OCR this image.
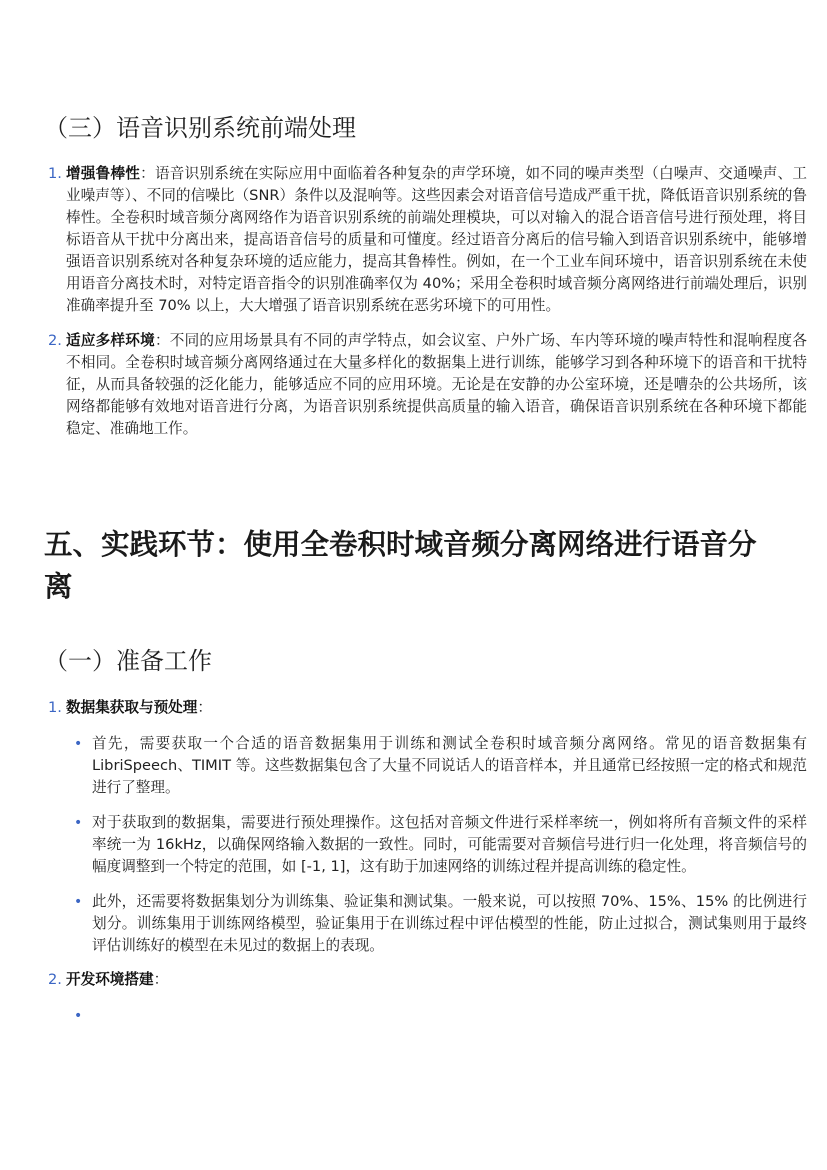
（三）语音识别系统前端处理
1. 增强鲁棒性：语音识别系统在实际应用中面临着各种复杂的声学环境，如不同的噪声类型（白噪声、交通噪声、工业噪声等）、不同的信噪比（SNR）条件以及混响等。这些因素会对语音信号造成严重干扰，降低语音识别系统的鲁棒性。全卷积时域音频分离网络作为语音识别系统的前端处理模块，可以对输入的混合语音信号进行预处理，将目标语音从干扰中分离出来，提高语音信号的质量和可懂度。经过语音分离后的信号输入到语音识别系统中，能够增强语音识别系统对各种复杂环境的适应能力，提高其鲁棒性。例如，在一个工业车间环境中，语音识别系统在未使用语音分离技术时，对特定语音指令的识别准确率仅为 40%；采用全卷积时域音频分离网络进行前端处理后，识别准确率提升至 70% 以上，大大增强了语音识别系统在恶劣环境下的可用性。

2. 适应多样环境：不同的应用场景具有不同的声学特点，如会议室、户外广场、车内等环境的噪声特性和混响程度各不相同。全卷积时域音频分离网络通过在大量多样化的数据集上进行训练，能够学习到各种环境下的语音和干扰特征，从而具备较强的泛化能力，能够适应不同的应用环境。无论是在安静的办公室环境，还是嘈杂的公共场所，该网络都能够有效地对语音进行分离，为语音识别系统提供高质量的输入语音，确保语音识别系统在各种环境下都能稳定、准确地工作。

五、实践环节：使用全卷积时域音频分离网络进行语音分离
（一）准备工作
1. 数据集获取与预处理：

• 首先，需要获取一个合适的语音数据集用于训练和测试全卷积时域音频分离网络。常见的语音数据集有 LibriSpeech、TIMIT 等。这些数据集包含了大量不同说话人的语音样本，并且通常已经按照一定的格式和规范进行了整理。

• 对于获取到的数据集，需要进行预处理操作。这包括对音频文件进行采样率统一，例如将所有音频文件的采样率统一为 16kHz，以确保网络输入数据的一致性。同时，可能需要对音频信号进行归一化处理，将音频信号的幅度调整到一个特定的范围，如 [-1, 1]，这有助于加速网络的训练过程并提高训练的稳定性。

• 此外，还需要将数据集划分为训练集、验证集和测试集。一般来说，可以按照 70%、15%、15% 的比例进行划分。训练集用于训练网络模型，验证集用于在训练过程中评估模型的性能，防止过拟合，测试集则用于最终评估训练好的模型在未见过的数据上的表现。

2. 开发环境搭建：

•
